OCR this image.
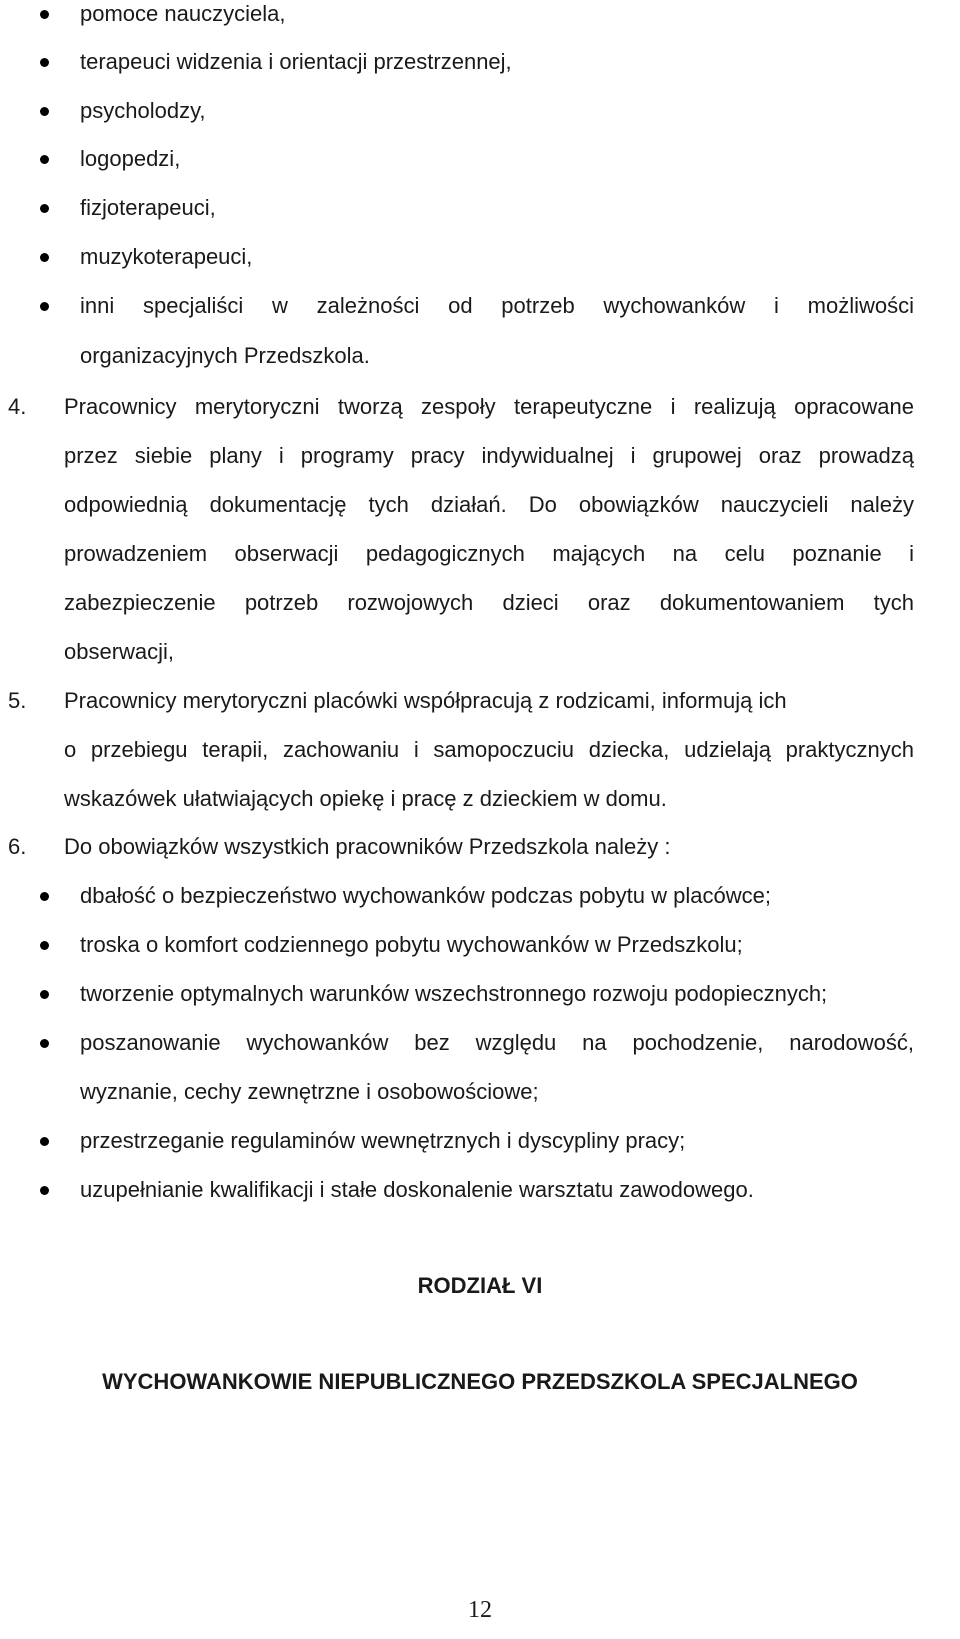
pomoce nauczyciela,
terapeuci widzenia i orientacji przestrzennej,
psycholodzy,
logopedzi,
fizjoterapeuci,
muzykoterapeuci,
inni specjaliści w zależności od potrzeb wychowanków i możliwości
organizacyjnych Przedszkola.
4. Pracownicy merytoryczni tworzą zespoły terapeutyczne i realizują opracowane
przez siebie plany i programy pracy indywidualnej i grupowej oraz prowadzą
odpowiednią dokumentację tych działań. Do obowiązków nauczycieli należy
prowadzeniem obserwacji pedagogicznych mających na celu poznanie i
zabezpieczenie potrzeb rozwojowych dzieci oraz dokumentowaniem tych
obserwacji,
5. Pracownicy merytoryczni placówki współpracują z rodzicami, informują ich
o przebiegu terapii, zachowaniu i samopoczuciu dziecka, udzielają praktycznych
wskazówek ułatwiających opiekę i pracę z dzieckiem w domu.
6. Do obowiązków wszystkich pracowników Przedszkola należy :
dbałość o bezpieczeństwo wychowanków podczas pobytu w placówce;
troska o komfort codziennego pobytu wychowanków w Przedszkolu;
tworzenie optymalnych warunków wszechstronnego rozwoju podopiecznych;
poszanowanie wychowanków bez względu na pochodzenie, narodowość,
wyznanie, cechy zewnętrzne i osobowościowe;
przestrzeganie regulaminów wewnętrznych i dyscypliny pracy;
uzupełnianie kwalifikacji i stałe doskonalenie warsztatu zawodowego.
RODZIAŁ VI
WYCHOWANKOWIE NIEPUBLICZNEGO PRZEDSZKOLA SPECJALNEGO
12
